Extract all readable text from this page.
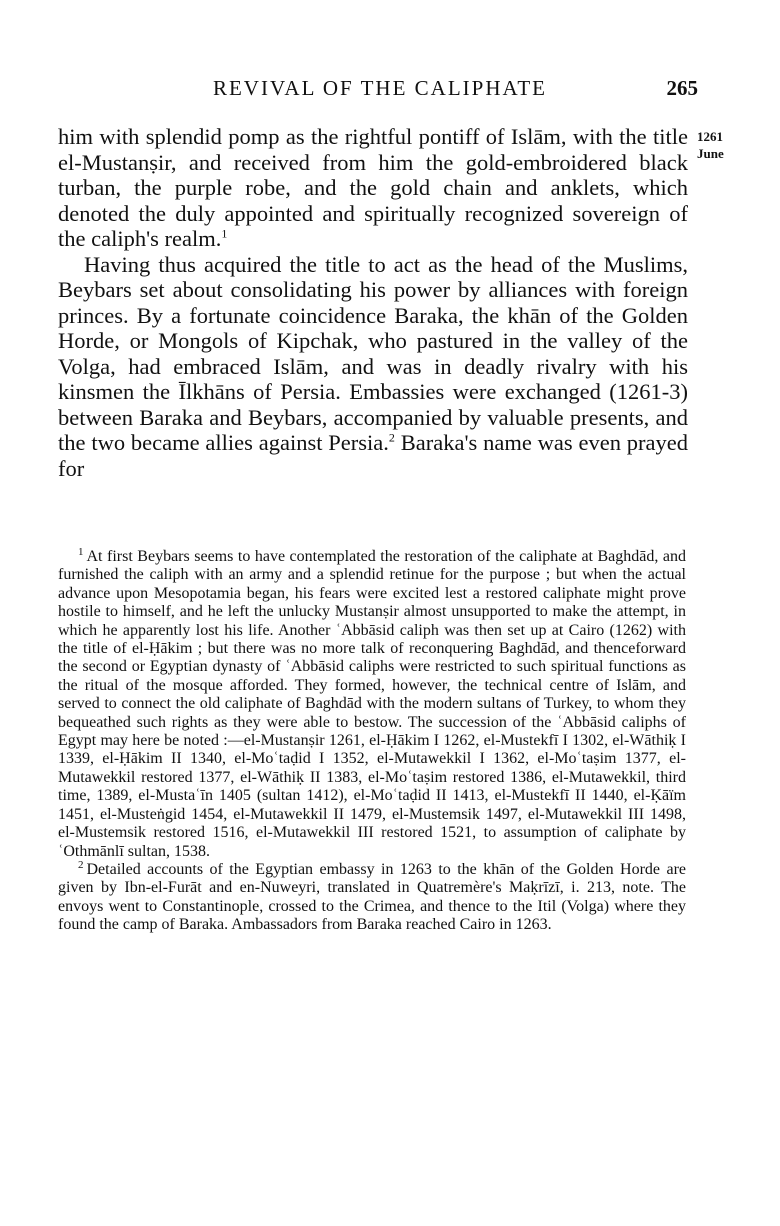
REVIVAL OF THE CALIPHATE	265
1261
June

him with splendid pomp as the rightful pontiff of Islām, with the title el-Mustanṣir, and received from him the gold-embroidered black turban, the purple robe, and the gold chain and anklets, which denoted the duly appointed and spiritually recognized sovereign of the caliph's realm.$^1$

Having thus acquired the title to act as the head of the Muslims, Beybars set about consolidating his power by alliances with foreign princes. By a fortunate coincidence Baraka, the khān of the Golden Horde, or Mongols of Kipchak, who pastured in the valley of the Volga, had embraced Islām, and was in deadly rivalry with his kinsmen the Īlkhāns of Persia. Embassies were exchanged (1261-3) between Baraka and Beybars, accompanied by valuable presents, and the two became allies against Persia.$^2$ Baraka's name was even prayed for

$^1$ At first Beybars seems to have contemplated the restoration of the caliphate at Baghdād, and furnished the caliph with an army and a splendid retinue for the purpose ; but when the actual advance upon Mesopotamia began, his fears were excited lest a restored caliphate might prove hostile to himself, and he left the unlucky Mustanṣir almost unsupported to make the attempt, in which he apparently lost his life. Another ʿAbbāsid caliph was then set up at Cairo (1262) with the title of el-Ḥākim ; but there was no more talk of reconquering Baghdād, and thenceforward the second or Egyptian dynasty of ʿAbbāsid caliphs were restricted to such spiritual functions as the ritual of the mosque afforded. They formed, however, the technical centre of Islām, and served to connect the old caliphate of Baghdād with the modern sultans of Turkey, to whom they bequeathed such rights as they were able to bestow. The succession of the ʿAbbāsid caliphs of Egypt may here be noted :—el-Mustanṣir 1261, el-Ḥākim I 1262, el-Mustekfī I 1302, el-Wāthiḳ I 1339, el-Ḥākim II 1340, el-Moʿtaḍid I 1352, el-Mutawekkil I 1362, el-Moʿtaṣim 1377, el-Mutawekkil restored 1377, el-Wāthiḳ II 1383, el-Moʿtaṣim restored 1386, el-Mutawekkil, third time, 1389, el-Mustaʿīn 1405 (sultan 1412), el-Moʿtaḍid II 1413, el-Mustekfī II 1440, el-Ḳāïm 1451, el-Musteṅgid 1454, el-Mutawekkil II 1479, el-Mustemsik 1497, el-Mutawekkil III 1498, el-Mustemsik restored 1516, el-Mutawekkil III restored 1521, to assumption of caliphate by ʿOthmānlī sultan, 1538.

$^2$ Detailed accounts of the Egyptian embassy in 1263 to the khān of the Golden Horde are given by Ibn-el-Furāt and en-Nuweyri, translated in Quatremère's Maḳrīzī, i. 213, note. The envoys went to Constantinople, crossed to the Crimea, and thence to the Itil (Volga) where they found the camp of Baraka. Ambassadors from Baraka reached Cairo in 1263.
